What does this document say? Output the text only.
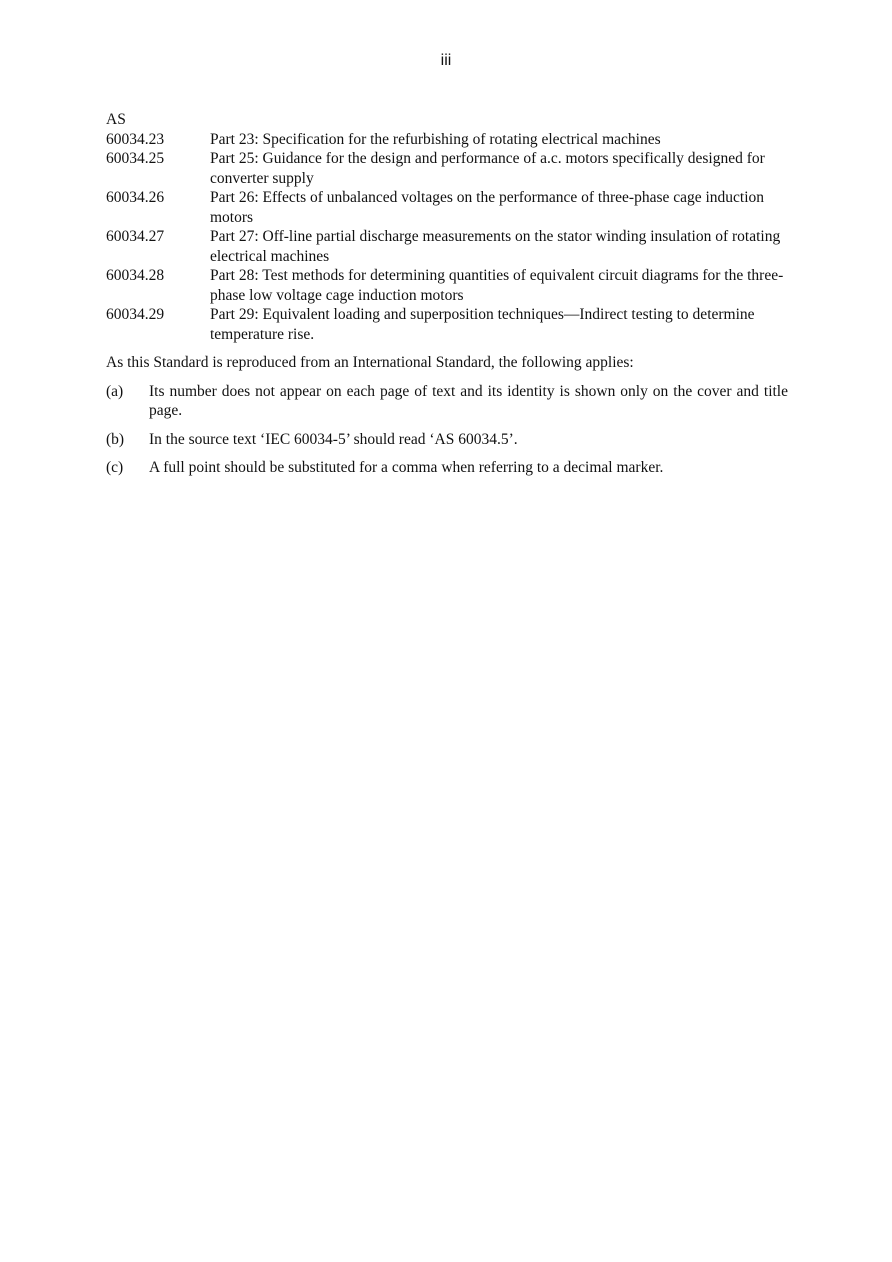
iii
AS
60034.23	Part 23: Specification for the refurbishing of rotating electrical machines
60034.25	Part 25: Guidance for the design and performance of a.c. motors specifically designed for converter supply
60034.26	Part 26: Effects of unbalanced voltages on the performance of three-phase cage induction motors
60034.27	Part 27: Off-line partial discharge measurements on the stator winding insulation of rotating electrical machines
60034.28	Part 28: Test methods for determining quantities of equivalent circuit diagrams for the three-phase low voltage cage induction motors
60034.29	Part 29: Equivalent loading and superposition techniques—Indirect testing to determine temperature rise.

As this Standard is reproduced from an International Standard, the following applies:

(a)	Its number does not appear on each page of text and its identity is shown only on the cover and title page.
(b)	In the source text ‘IEC 60034-5’ should read ‘AS 60034.5’.
(c)	A full point should be substituted for a comma when referring to a decimal marker.
